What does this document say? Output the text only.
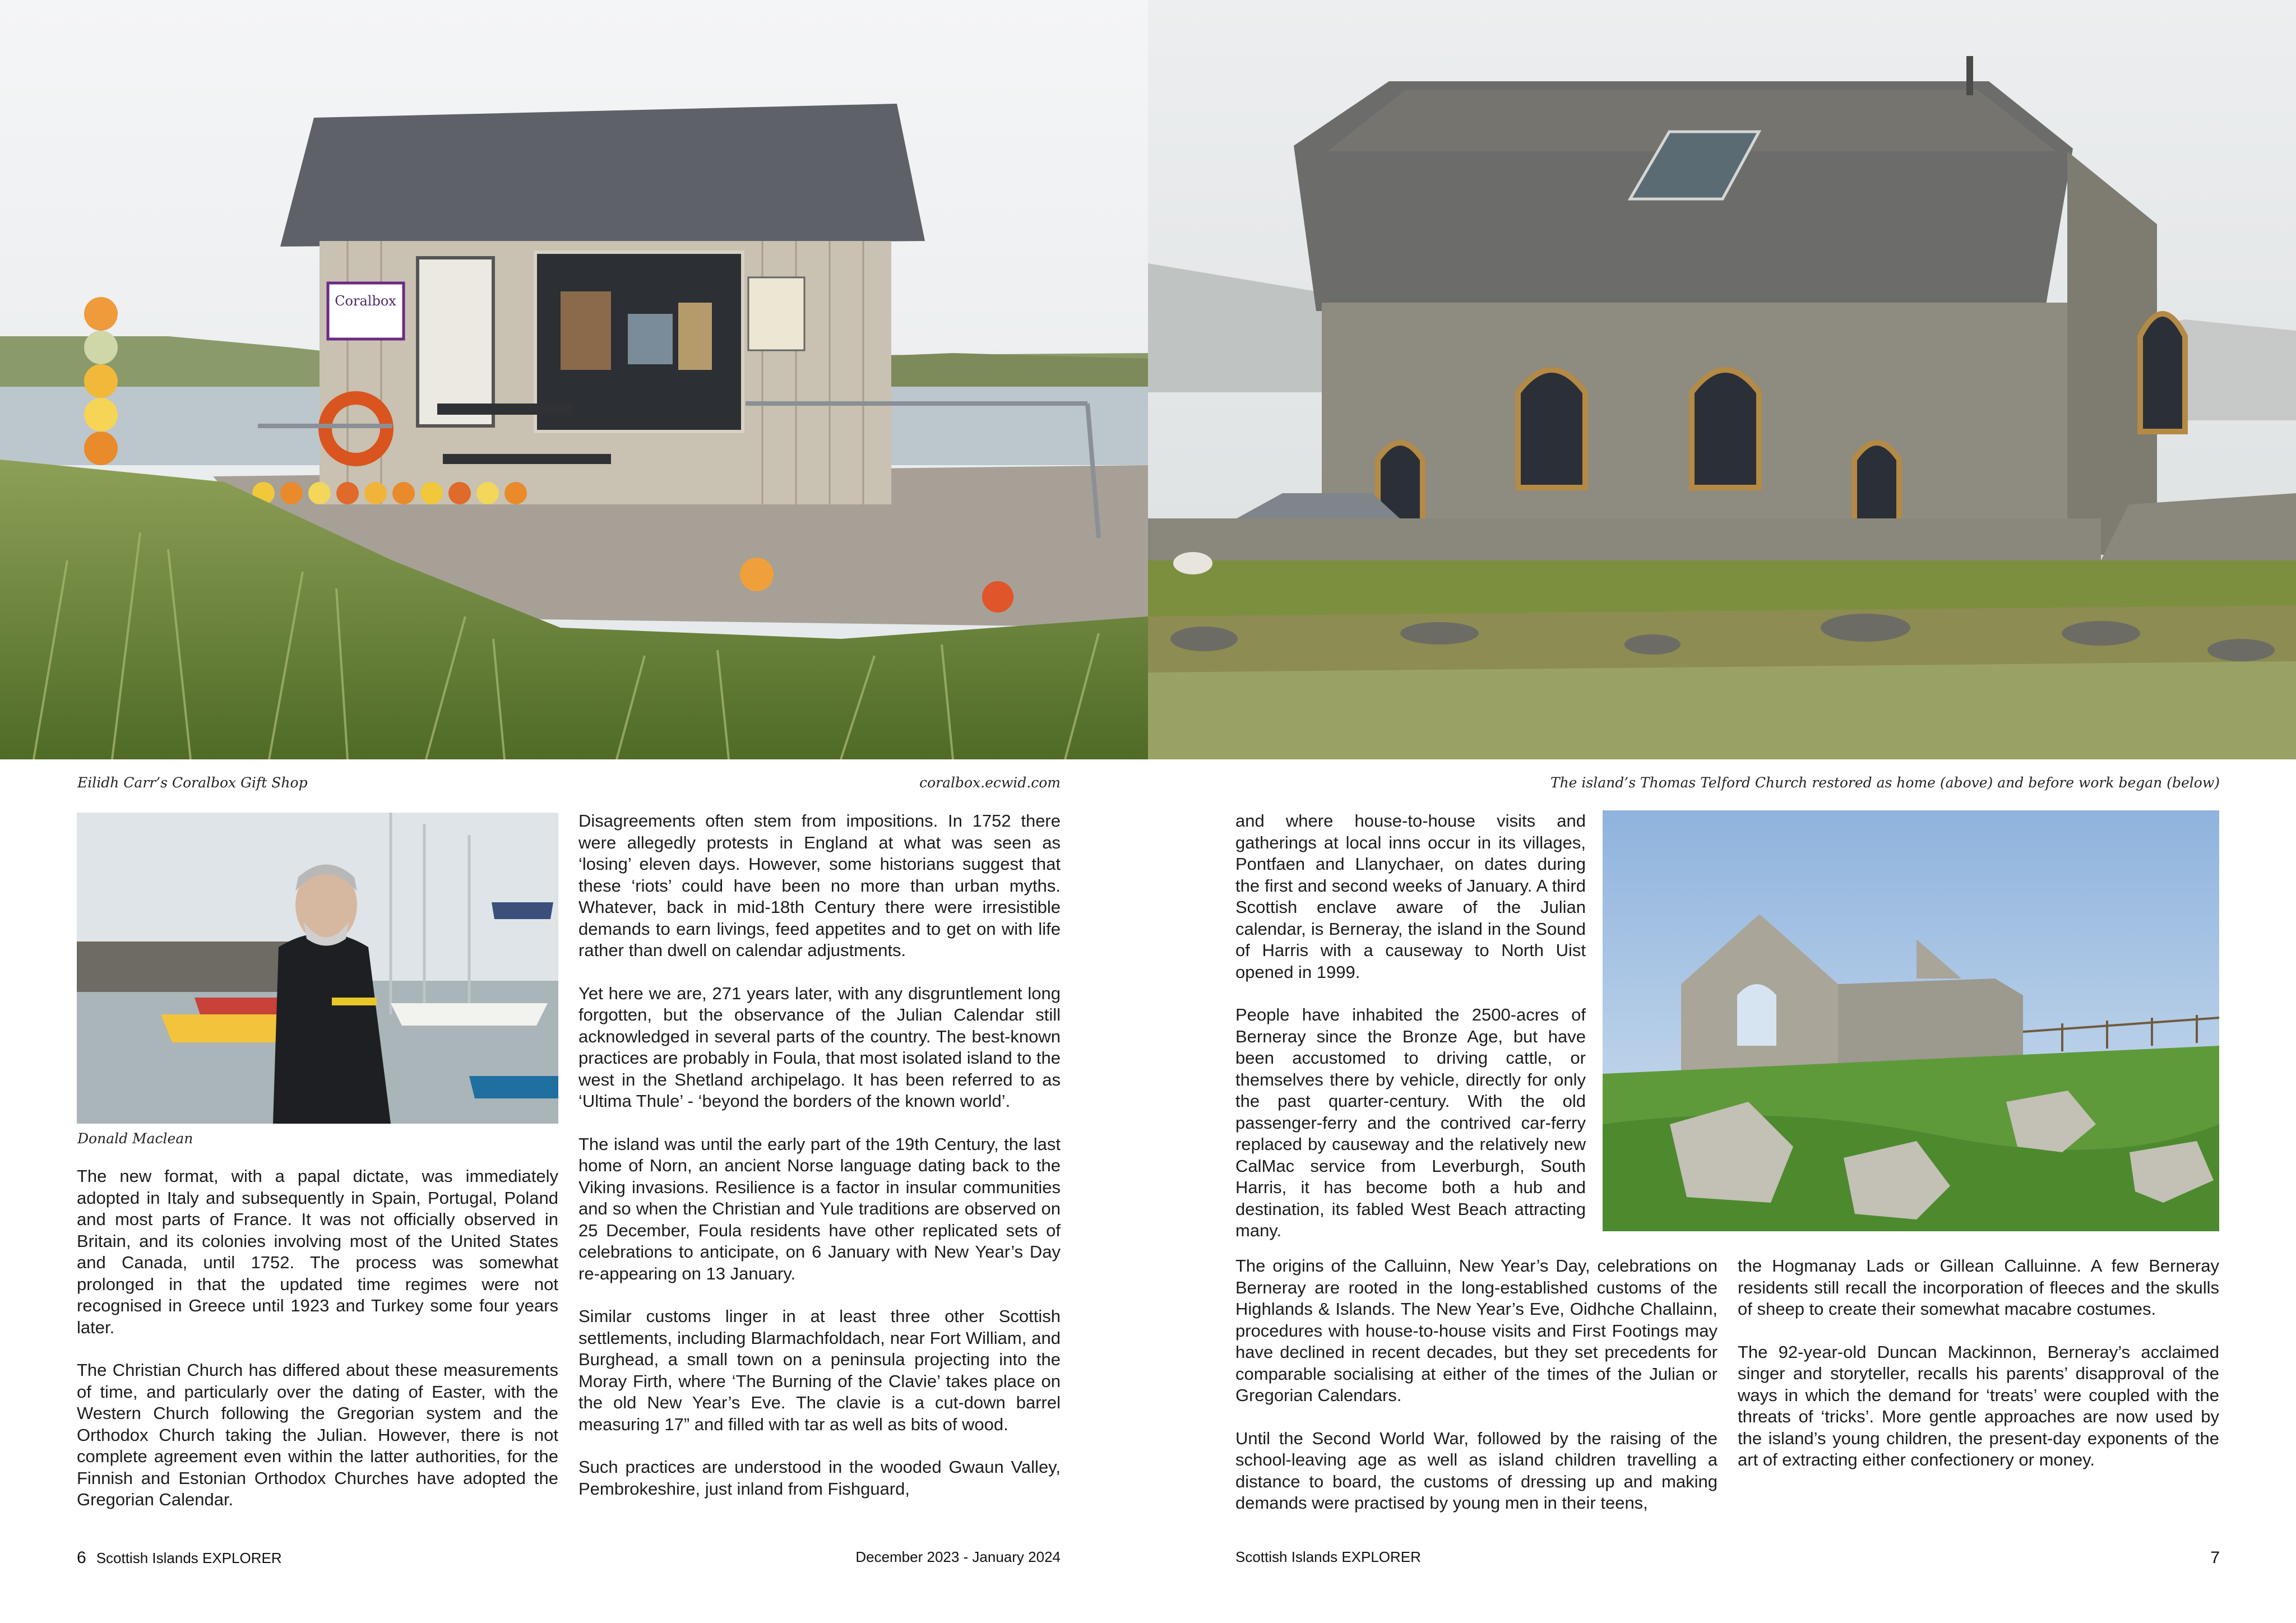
Coralbox
Eilidh Carr’s Coralbox Gift Shop	coralbox.ecwid.com
Donald Maclean

The new format, with a papal dictate, was immediately adopted in Italy and subsequently in Spain, Portugal, Poland and most parts of France. It was not officially observed in Britain, and its colonies involving most of the United States and Canada, until 1752. The process was somewhat prolonged in that the updated time regimes were not recognised in Greece until 1923 and Turkey some four years later.

The Christian Church has differed about these measurements of time, and particularly over the dating of Easter, with the Western Church following the Gregorian system and the Orthodox Church taking the Julian. However, there is not complete agreement even within the latter authorities, for the Finnish and Estonian Orthodox Churches have adopted the Gregorian Calendar.

Disagreements often stem from impositions. In 1752 there were allegedly protests in England at what was seen as ‘losing’ eleven days. However, some historians suggest that these ‘riots’ could have been no more than urban myths. Whatever, back in mid-18th Century there were irresistible demands to earn livings, feed appetites and to get on with life rather than dwell on calendar adjustments.

Yet here we are, 271 years later, with any disgruntlement long forgotten, but the observance of the Julian Calendar still acknowledged in several parts of the country. The best-known practices are probably in Foula, that most isolated island to the west in the Shetland archipelago. It has been referred to as ‘Ultima Thule’ - ‘beyond the borders of the known world’.

The island was until the early part of the 19th Century, the last home of Norn, an ancient Norse language dating back to the Viking invasions. Resilience is a factor in insular communities and so when the Christian and Yule traditions are observed on 25 December, Foula residents have other replicated sets of celebrations to anticipate, on 6 January with New Year’s Day re-appearing on 13 January.

Similar customs linger in at least three other Scottish settlements, including Blarmachfoldach, near Fort William, and Burghead, a small town on a peninsula projecting into the Moray Firth, where ‘The Burning of the Clavie’ takes place on the old New Year’s Eve. The clavie is a cut-down barrel measuring 17” and filled with tar as well as bits of wood.

Such practices are understood in the wooded Gwaun Valley, Pembrokeshire, just inland from Fishguard,

6 Scottish Islands EXPLORER	December 2023 - January 2024
The island’s Thomas Telford Church restored as home (above) and before work began (below)

and where house-to-house visits and gatherings at local inns occur in its villages, Pontfaen and Llanychaer, on dates during the first and second weeks of January. A third Scottish enclave aware of the Julian calendar, is Berneray, the island in the Sound of Harris with a causeway to North Uist opened in 1999.

People have inhabited the 2500-acres of Berneray since the Bronze Age, but have been accustomed to driving cattle, or themselves there by vehicle, directly for only the past quarter-century. With the old passenger-ferry and the contrived car-ferry replaced by causeway and the relatively new CalMac service from Leverburgh, South Harris, it has become both a hub and destination, its fabled West Beach attracting many.

The origins of the Calluinn, New Year’s Day, celebrations on Berneray are rooted in the long-established customs of the Highlands & Islands. The New Year’s Eve, Oidhche Challainn, procedures with house-to-house visits and First Footings may have declined in recent decades, but they set precedents for comparable socialising at either of the times of the Julian or Gregorian Calendars.

Until the Second World War, followed by the raising of the school-leaving age as well as island children travelling a distance to board, the customs of dressing up and making demands were practised by young men in their teens,

the Hogmanay Lads or Gillean Calluinne. A few Berneray residents still recall the incorporation of fleeces and the skulls of sheep to create their somewhat macabre costumes.

The 92-year-old Duncan Mackinnon, Berneray’s acclaimed singer and storyteller, recalls his parents’ disapproval of the ways in which the demand for ‘treats’ were coupled with the threats of ‘tricks’. More gentle approaches are now used by the island’s young children, the present-day exponents of the art of extracting either confectionery or money.

Scottish Islands EXPLORER	7
